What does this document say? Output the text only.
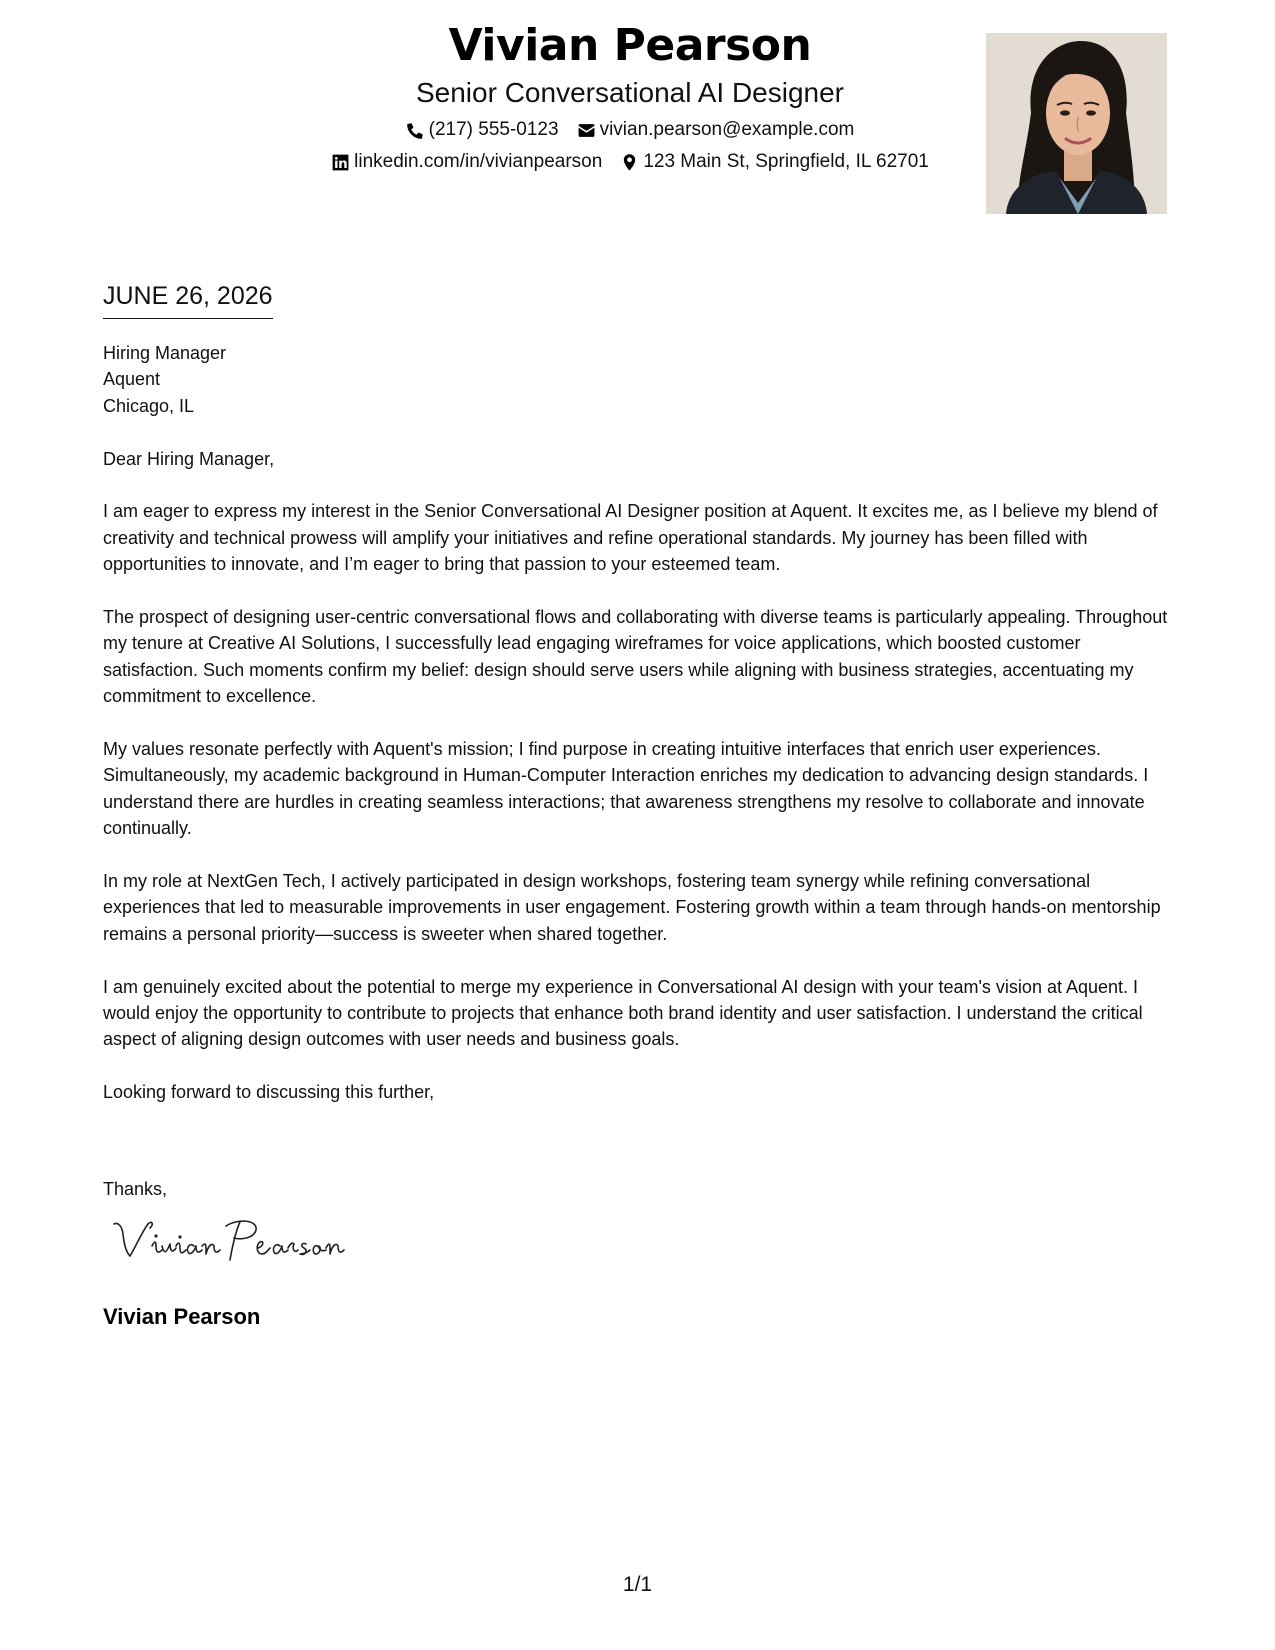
Vivian Pearson
Senior Conversational AI Designer
(217) 555-0123 vivian.pearson@example.com
linkedin.com/in/vivianpearson 123 Main St, Springfield, IL 62701
JUNE 26, 2026

Hiring Manager

Aquent

Chicago, IL

Dear Hiring Manager,

I am eager to express my interest in the Senior Conversational AI Designer position at Aquent. It excites me, as I believe my blend of creativity and technical prowess will amplify your initiatives and refine operational standards. My journey has been filled with opportunities to innovate, and I’m eager to bring that passion to your esteemed team.

The prospect of designing user-centric conversational flows and collaborating with diverse teams is particularly appealing. Throughout my tenure at Creative AI Solutions, I successfully lead engaging wireframes for voice applications, which boosted customer satisfaction. Such moments confirm my belief: design should serve users while aligning with business strategies, accentuating my commitment to excellence.

My values resonate perfectly with Aquent's mission; I find purpose in creating intuitive interfaces that enrich user experiences. Simultaneously, my academic background in Human-Computer Interaction enriches my dedication to advancing design standards. I understand there are hurdles in creating seamless interactions; that awareness strengthens my resolve to collaborate and innovate continually.

In my role at NextGen Tech, I actively participated in design workshops, fostering team synergy while refining conversational experiences that led to measurable improvements in user engagement. Fostering growth within a team through hands-on mentorship remains a personal priority—success is sweeter when shared together.

I am genuinely excited about the potential to merge my experience in Conversational AI design with your team's vision at Aquent. I would enjoy the opportunity to contribute to projects that enhance both brand identity and user satisfaction. I understand the critical aspect of aligning design outcomes with user needs and business goals.

Looking forward to discussing this further,

Thanks,

Vivian Pearson
1/1
